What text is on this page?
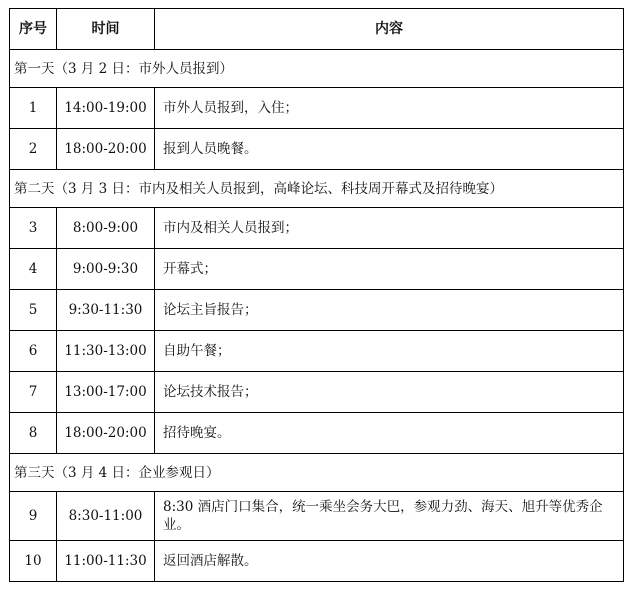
序号	时间	内容
第一天（3 月 2 日：市外人员报到）		
1	14:00-19:00	市外人员报到，入住；
2	18:00-20:00	报到人员晚餐。
第二天（3 月 3 日：市内及相关人员报到，高峰论坛、科技周开幕式及招待晚宴）		
3	8:00-9:00	市内及相关人员报到；
4	9:00-9:30	开幕式；
5	9:30-11:30	论坛主旨报告；
6	11:30-13:00	自助午餐；
7	13:00-17:00	论坛技术报告；
8	18:00-20:00	招待晚宴。
第三天（3 月 4 日：企业参观日）		
9	8:30-11:00	8:30 酒店门口集合，统一乘坐会务大巴，参观力劲、海天、旭升等优秀企业。
10	11:00-11:30	返回酒店解散。
